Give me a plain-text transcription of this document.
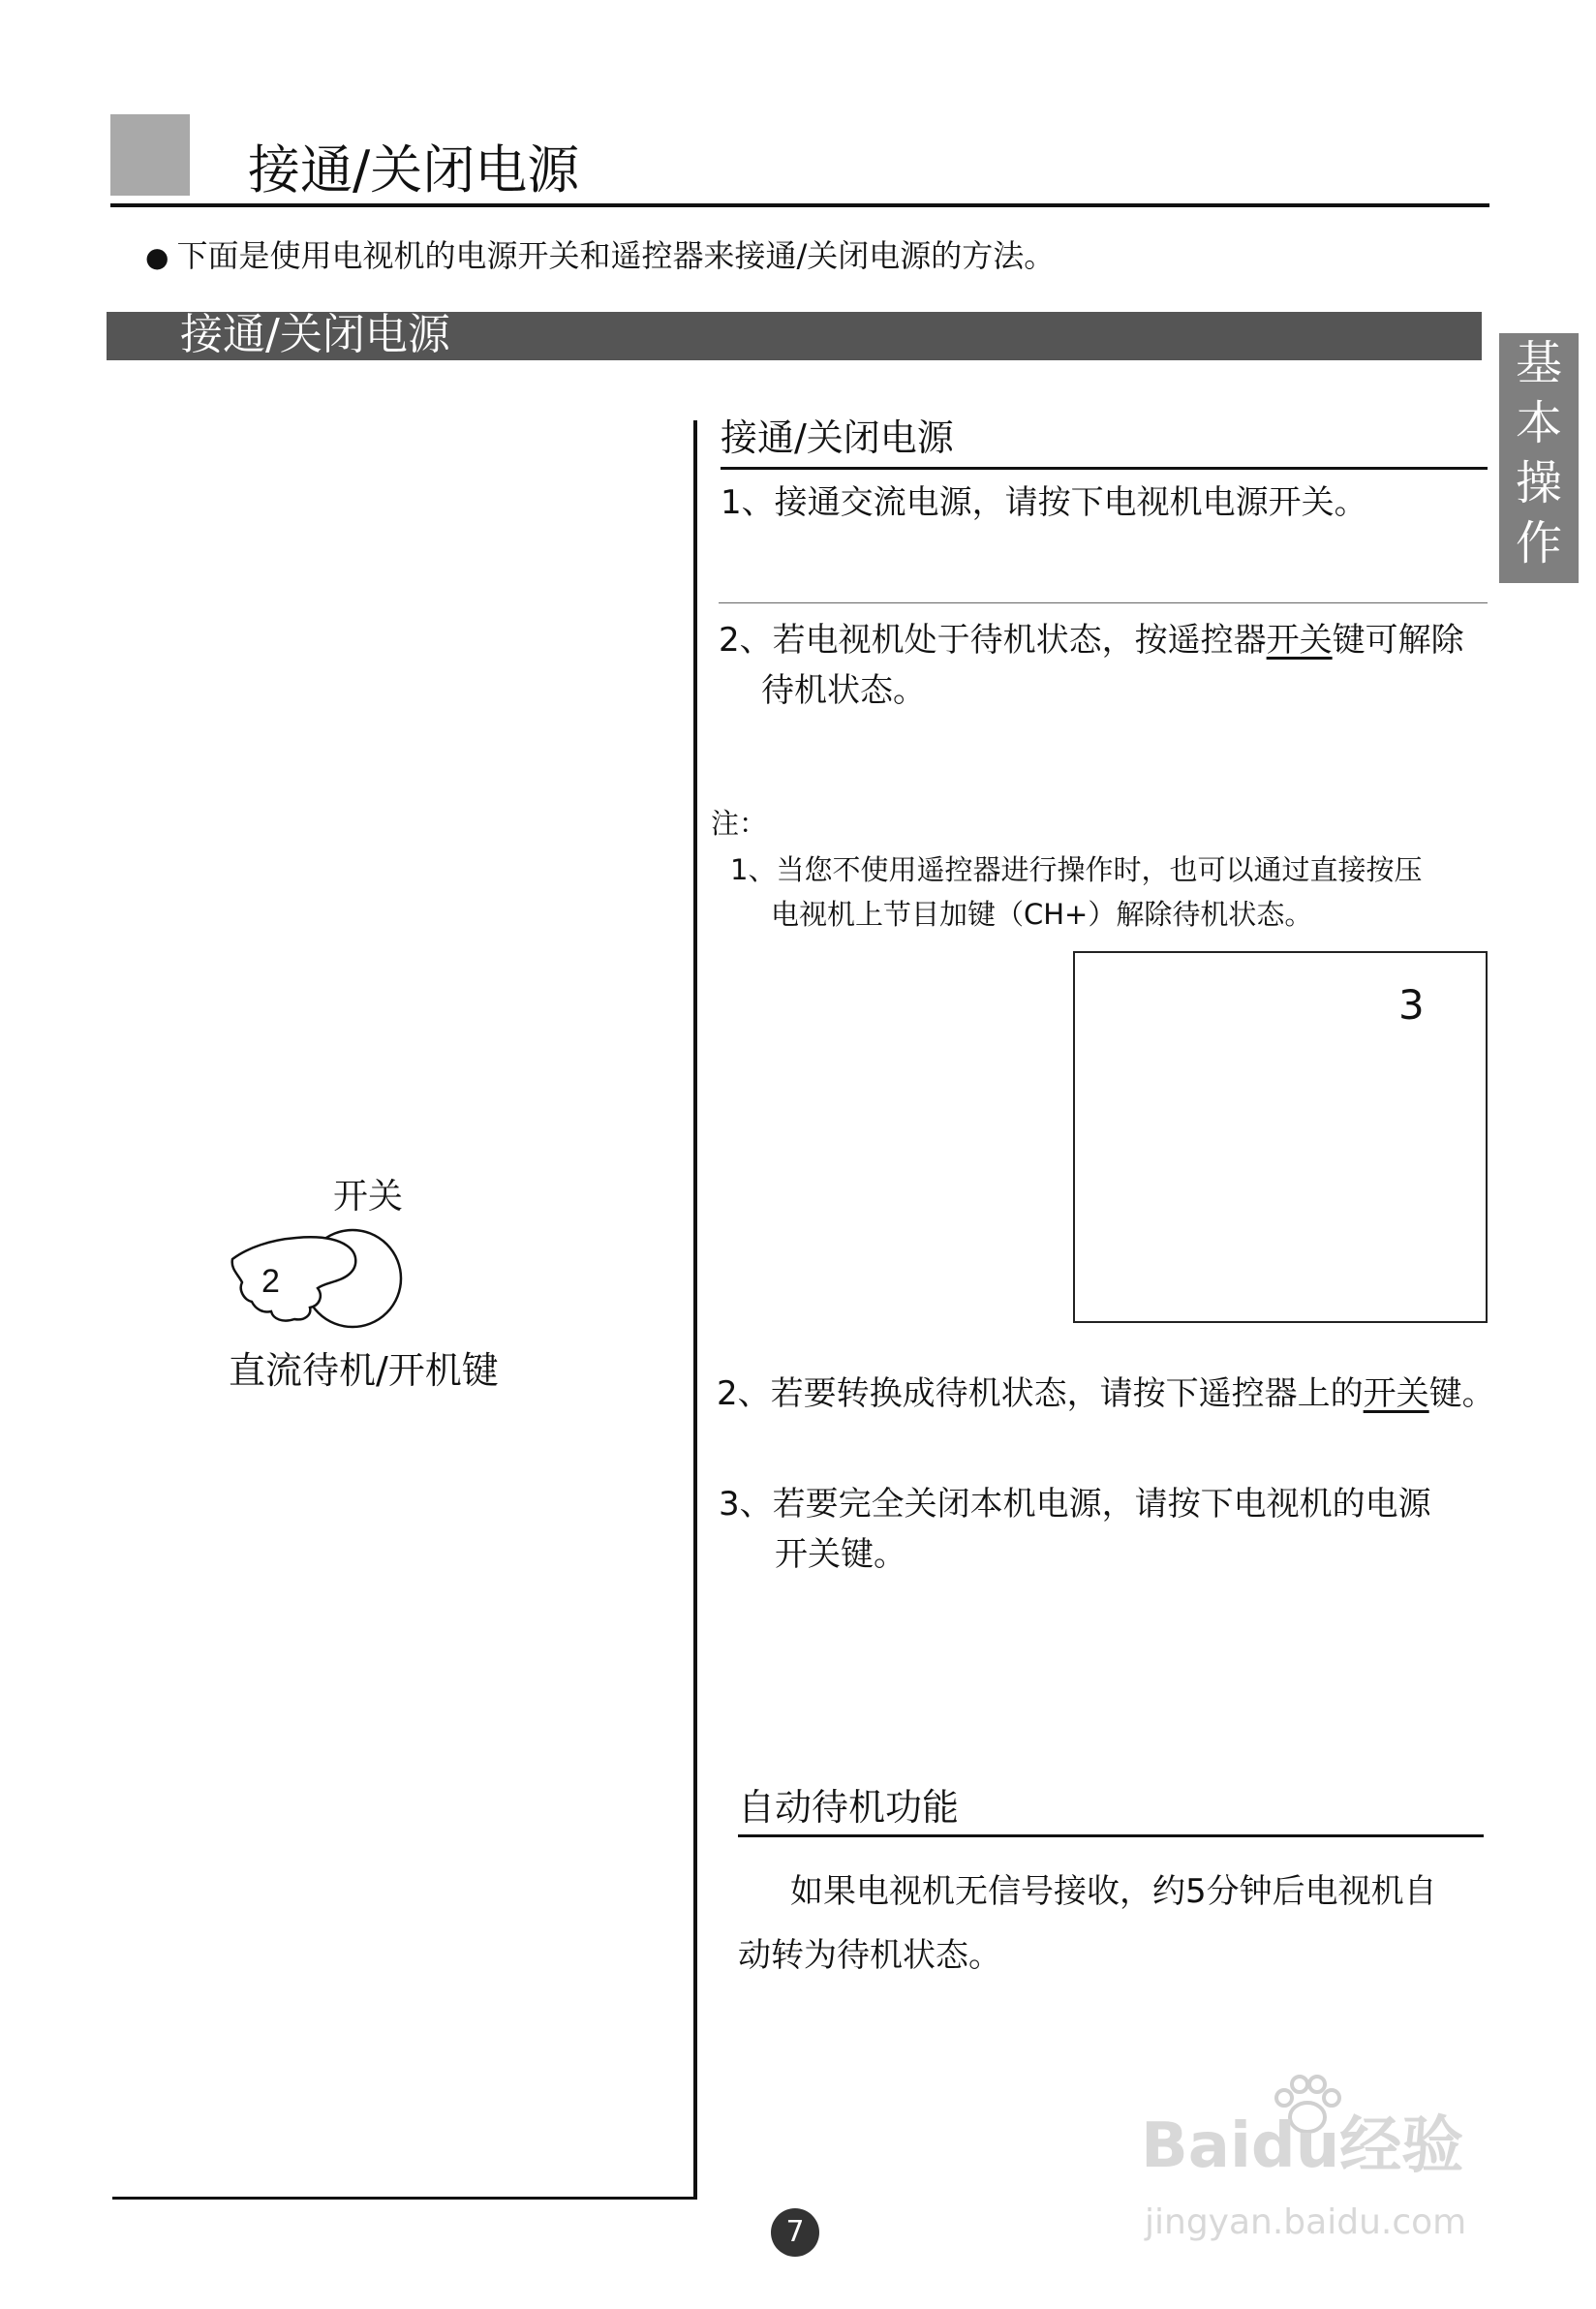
接通/关闭电源
● 下面是使用电视机的电源开关和遥控器来接通/关闭电源的方法。
接通/关闭电源
基
本
操
作
开关
2
直流待机/开机键
接通/关闭电源
1、接通交流电源，请按下电视机电源开关。
2、若电视机处于待机状态，按遥控器开关键可解除
待机状态。
注：
1、当您不使用遥控器进行操作时，也可以通过直接按压
电视机上节目加键（CH+）解除待机状态。
3
2、若要转换成待机状态，请按下遥控器上的开关键。
3、若要完全关闭本机电源，请按下电视机的电源
开关键。
自动待机功能
如果电视机无信号接收，约5分钟后电视机自
动转为待机状态。
7
Baidu经验
jingyan.baidu.com
